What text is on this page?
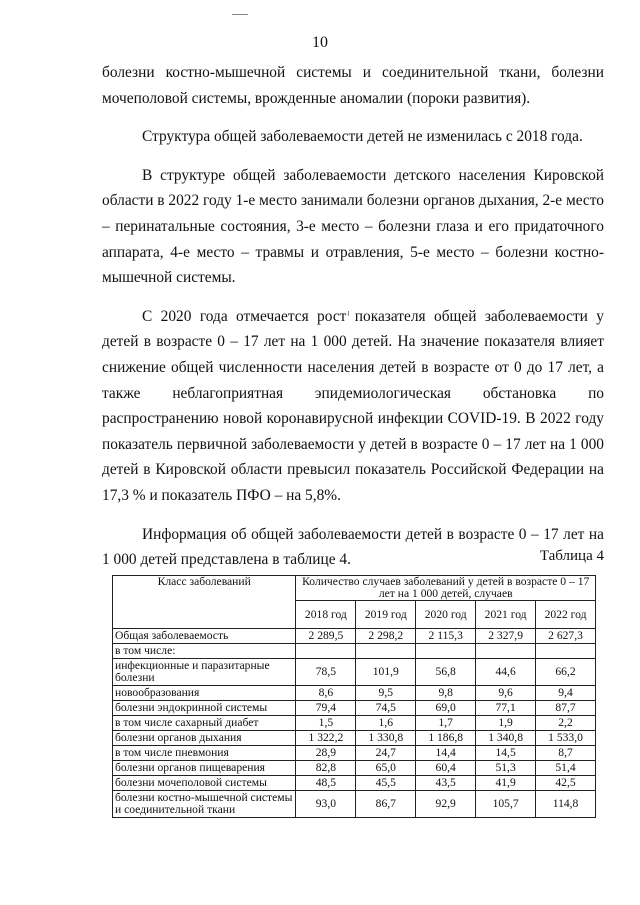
10

болезни костно-мышечной системы и соединительной ткани, болезни мочеполовой системы, врожденные аномалии (пороки развития).

Структура общей заболеваемости детей не изменилась с 2018 года.

В структуре общей заболеваемости детского населения Кировской области в 2022 году 1-е место занимали болезни органов дыхания, 2-е место – перинатальные состояния, 3-е место – болезни глаза и его придаточного аппарата, 4-е место – травмы и отравления, 5-е место – болезни костно-мышечной системы.

С 2020 года отмечается рост показателя общей заболеваемости у детей в возрасте 0 – 17 лет на 1 000 детей. На значение показателя влияет снижение общей численности населения детей в возрасте от 0 до 17 лет, а также неблагоприятная эпидемиологическая обстановка по распространению новой коронавирусной инфекции COVID-19. В 2022 году показатель первичной заболеваемости у детей в возрасте 0 – 17 лет на 1 000 детей в Кировской области превысил показатель Российской Федерации на 17,3 % и показатель ПФО – на 5,8%.

Информация об общей заболеваемости детей в возрасте 0 – 17 лет на 1 000 детей представлена в таблице 4.	Таблица 4
Класс заболеваний	Количество случаев заболеваний у детей в возрасте 0 – 17 лет на 1 000 детей, случаев				
	2018 год	2019 год	2020 год	2021 год	2022 год
Общая заболеваемость	2 289,5	2 298,2	2 115,3	2 327,9	2 627,3
в том числе:					
инфекционные и паразитарные болезни	78,5	101,9	56,8	44,6	66,2
новообразования	8,6	9,5	9,8	9,6	9,4
болезни эндокринной системы	79,4	74,5	69,0	77,1	87,7
в том числе сахарный диабет	1,5	1,6	1,7	1,9	2,2
болезни органов дыхания	1 322,2	1 330,8	1 186,8	1 340,8	1 533,0
в том числе пневмония	28,9	24,7	14,4	14,5	8,7
болезни органов пищеварения	82,8	65,0	60,4	51,3	51,4
болезни мочеполовой системы	48,5	45,5	43,5	41,9	42,5
болезни костно-мышечной системы и соединительной ткани	93,0	86,7	92,9	105,7	114,8
